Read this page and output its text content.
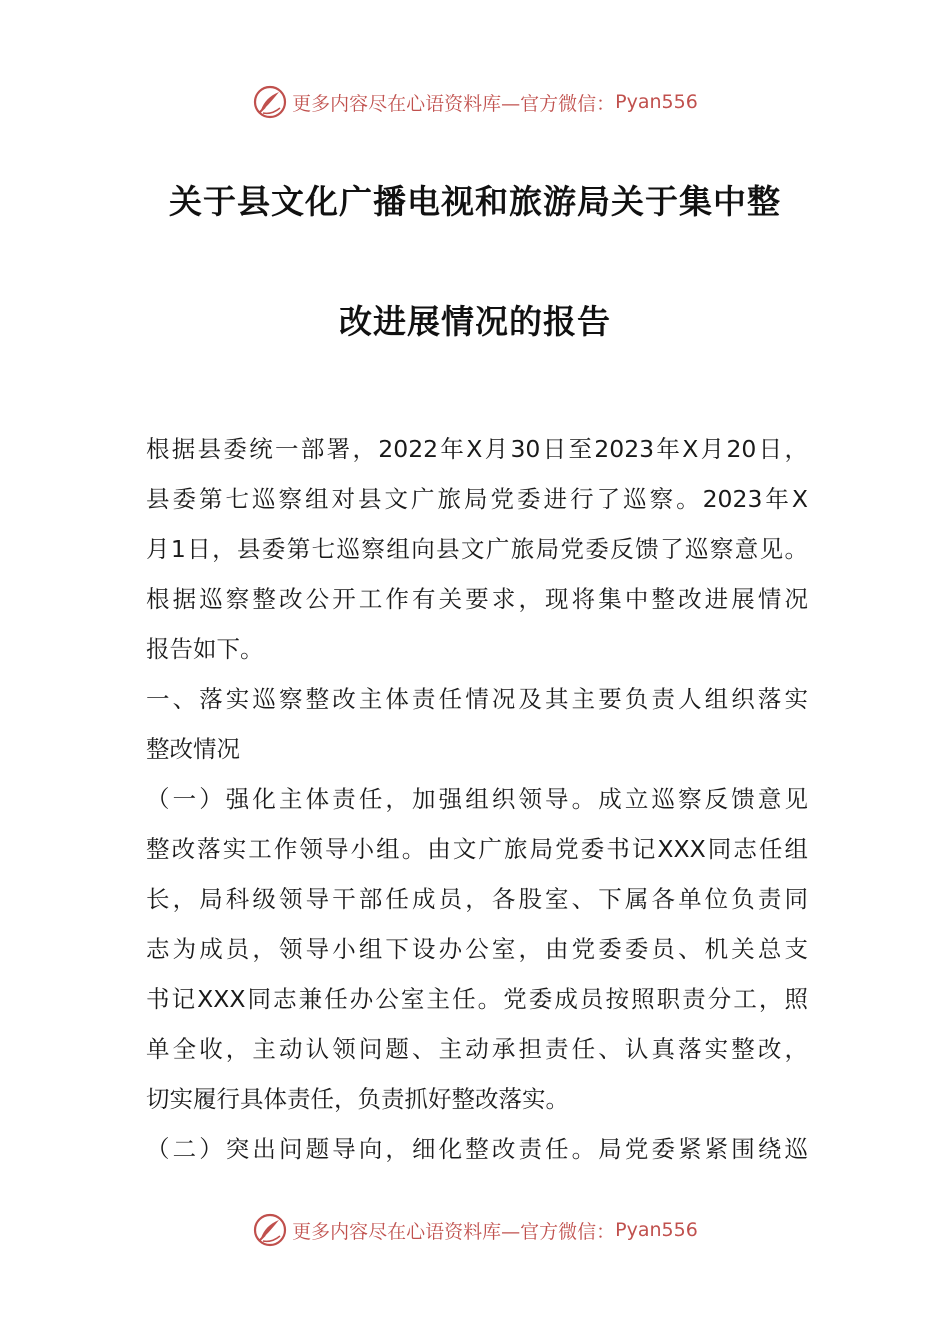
更多内容尽在心语资料库—官方微信： Pyan556
关于县文化广播电视和旅游局关于集中整
改进展情况的报告
根据县委统一部署，2022年X月30日至2023年X月20日，
县委第七巡察组对县文广旅局党委进行了巡察。2023年X
月1日，县委第七巡察组向县文广旅局党委反馈了巡察意见。
根据巡察整改公开工作有关要求，现将集中整改进展情况
报告如下。
一、落实巡察整改主体责任情况及其主要负责人组织落实
整改情况
（一）强化主体责任，加强组织领导。成立巡察反馈意见
整改落实工作领导小组。由文广旅局党委书记XXX同志任组
长，局科级领导干部任成员，各股室、下属各单位负责同
志为成员，领导小组下设办公室，由党委委员、机关总支
书记XXX同志兼任办公室主任。党委成员按照职责分工，照
单全收，主动认领问题、主动承担责任、认真落实整改，
切实履行具体责任，负责抓好整改落实。
（二）突出问题导向，细化整改责任。局党委紧紧围绕巡
更多内容尽在心语资料库—官方微信： Pyan556
